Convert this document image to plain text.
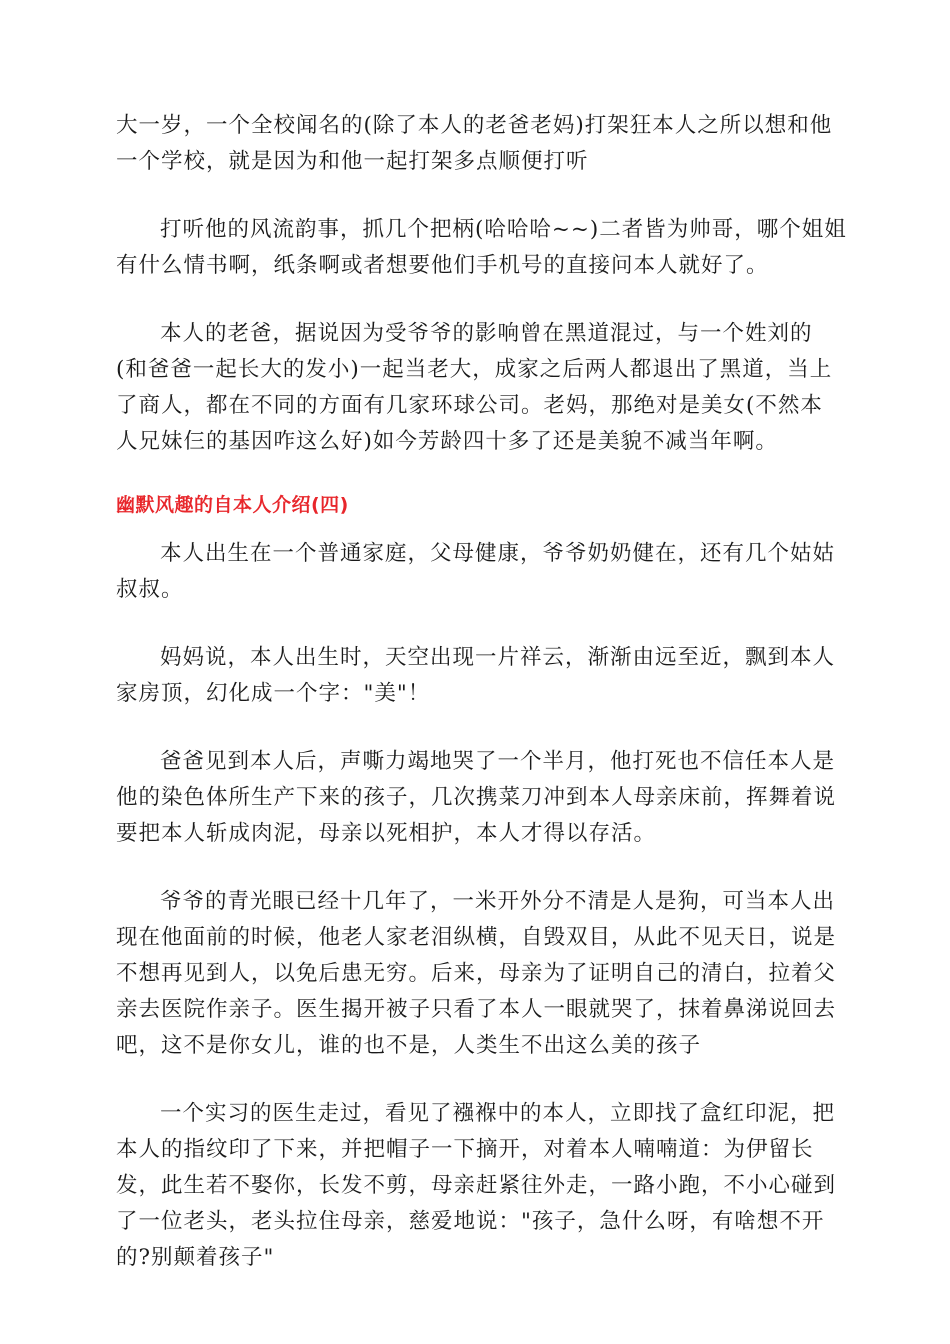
大一岁，一个全校闻名的(除了本人的老爸老妈)打架狂本人之所以想和他
一个学校，就是因为和他一起打架多点顺便打听

打听他的风流韵事，抓几个把柄(哈哈哈~~)二者皆为帅哥，哪个姐姐
有什么情书啊，纸条啊或者想要他们手机号的直接问本人就好了。

本人的老爸，据说因为受爷爷的影响曾在黑道混过，与一个姓刘的
(和爸爸一起长大的发小)一起当老大，成家之后两人都退出了黑道，当上
了商人，都在不同的方面有几家环球公司。老妈，那绝对是美女(不然本
人兄妹仨的基因咋这么好)如今芳龄四十多了还是美貌不减当年啊。

幽默风趣的自本人介绍(四)

本人出生在一个普通家庭，父母健康，爷爷奶奶健在，还有几个姑姑
叔叔。

妈妈说，本人出生时，天空出现一片祥云，渐渐由远至近，飘到本人
家房顶，幻化成一个字："美"！

爸爸见到本人后，声嘶力竭地哭了一个半月，他打死也不信任本人是
他的染色体所生产下来的孩子，几次携菜刀冲到本人母亲床前，挥舞着说
要把本人斩成肉泥，母亲以死相护，本人才得以存活。

爷爷的青光眼已经十几年了，一米开外分不清是人是狗，可当本人出
现在他面前的时候，他老人家老泪纵横，自毁双目，从此不见天日，说是
不想再见到人，以免后患无穷。后来，母亲为了证明自己的清白，拉着父
亲去医院作亲子。医生揭开被子只看了本人一眼就哭了，抹着鼻涕说回去
吧，这不是你女儿，谁的也不是，人类生不出这么美的孩子

一个实习的医生走过，看见了襁褓中的本人，立即找了盒红印泥，把
本人的指纹印了下来，并把帽子一下摘开，对着本人喃喃道：为伊留长
发，此生若不娶你，长发不剪，母亲赶紧往外走，一路小跑，不小心碰到
了一位老头，老头拉住母亲，慈爱地说："孩子，急什么呀，有啥想不开
的?别颠着孩子"
